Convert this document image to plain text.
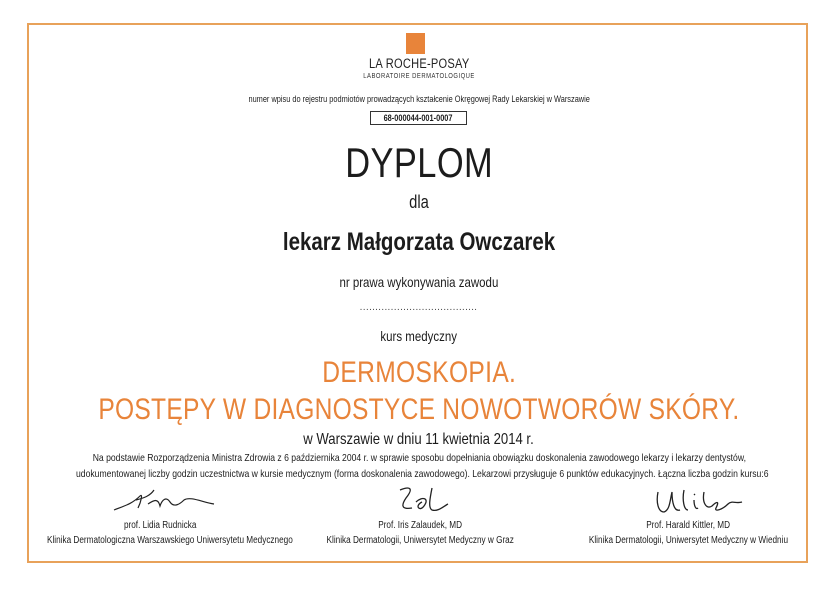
LA ROCHE-POSAY
LABORATOIRE DERMATOLOGIQUE
numer wpisu do rejestru podmiotów prowadzących kształcenie Okręgowej Rady Lekarskiej w Warszawie
68-000044-001-0007
DYPLOM
dla
lekarz Małgorzata Owczarek
nr prawa wykonywania zawodu
......................................
kurs medyczny
DERMOSKOPIA.
POSTĘPY W DIAGNOSTYCE NOWOTWORÓW SKÓRY.
w Warszawie w dniu 11 kwietnia 2014 r.
Na podstawie Rozporządzenia Ministra Zdrowia z 6 października 2004 r. w sprawie sposobu dopełniania obowiązku doskonalenia zawodowego lekarzy i lekarzy dentystów,
udokumentowanej liczby godzin uczestnictwa w kursie medycznym (forma doskonalenia zawodowego). Lekarzowi przysługuje 6 punktów edukacyjnych. Łączna liczba godzin kursu:6
prof. Lidia Rudnicka
Klinika Dermatologiczna Warszawskiego Uniwersytetu Medycznego
Prof. Iris Zalaudek, MD
Klinika Dermatologii, Uniwersytet Medyczny w Graz
Prof. Harald Kittler, MD
Klinika Dermatologii, Uniwersytet Medyczny w Wiedniu
